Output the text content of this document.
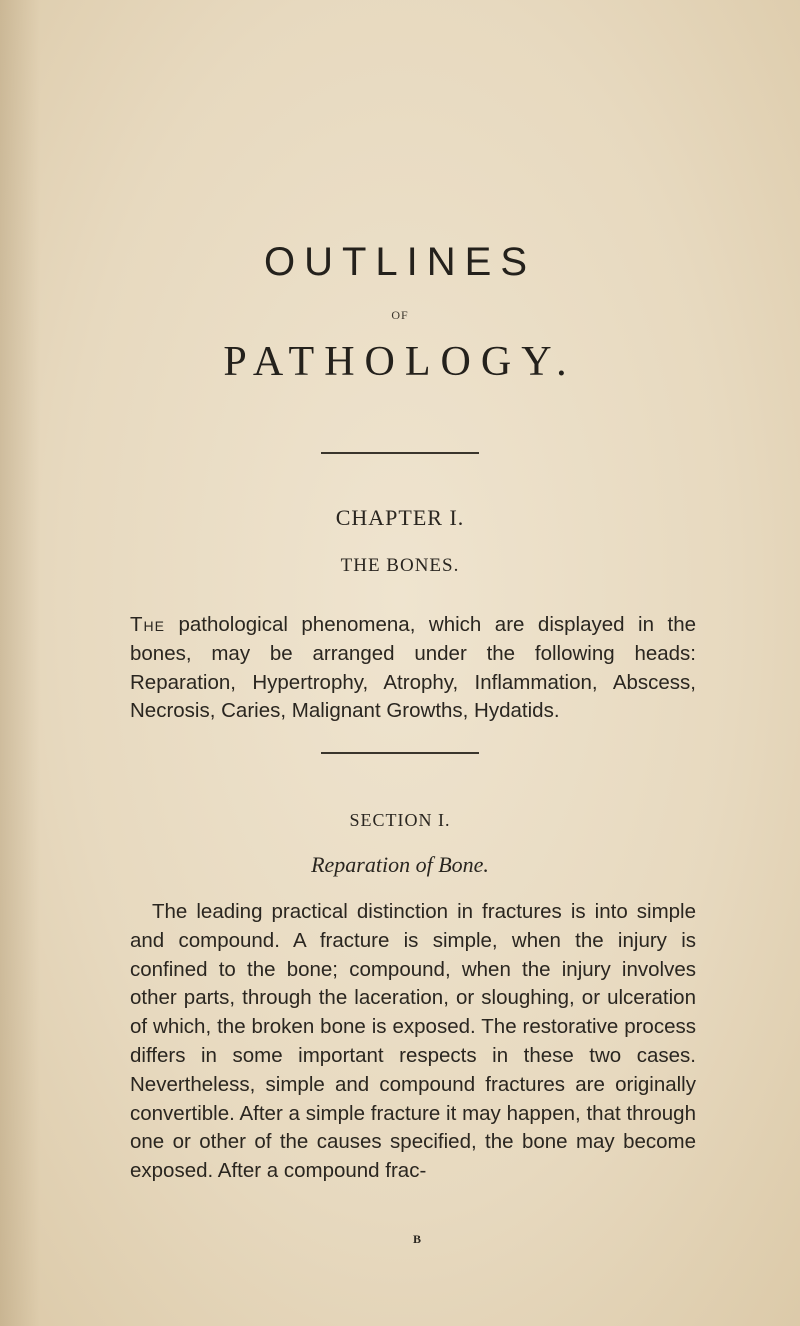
OUTLINES
OF
PATHOLOGY.
CHAPTER I.
THE BONES.
The pathological phenomena, which are displayed in the bones, may be arranged under the following heads: Reparation, Hypertrophy, Atrophy, Inflammation, Abscess, Necrosis, Caries, Malignant Growths, Hydatids.
SECTION I.
Reparation of Bone.
The leading practical distinction in fractures is into simple and compound. A fracture is simple, when the injury is confined to the bone; compound, when the injury involves other parts, through the laceration, or sloughing, or ulceration of which, the broken bone is exposed. The restorative process differs in some important respects in these two cases. Nevertheless, simple and compound fractures are originally convertible. After a simple fracture it may happen, that through one or other of the causes specified, the bone may become exposed. After a compound frac-
B
